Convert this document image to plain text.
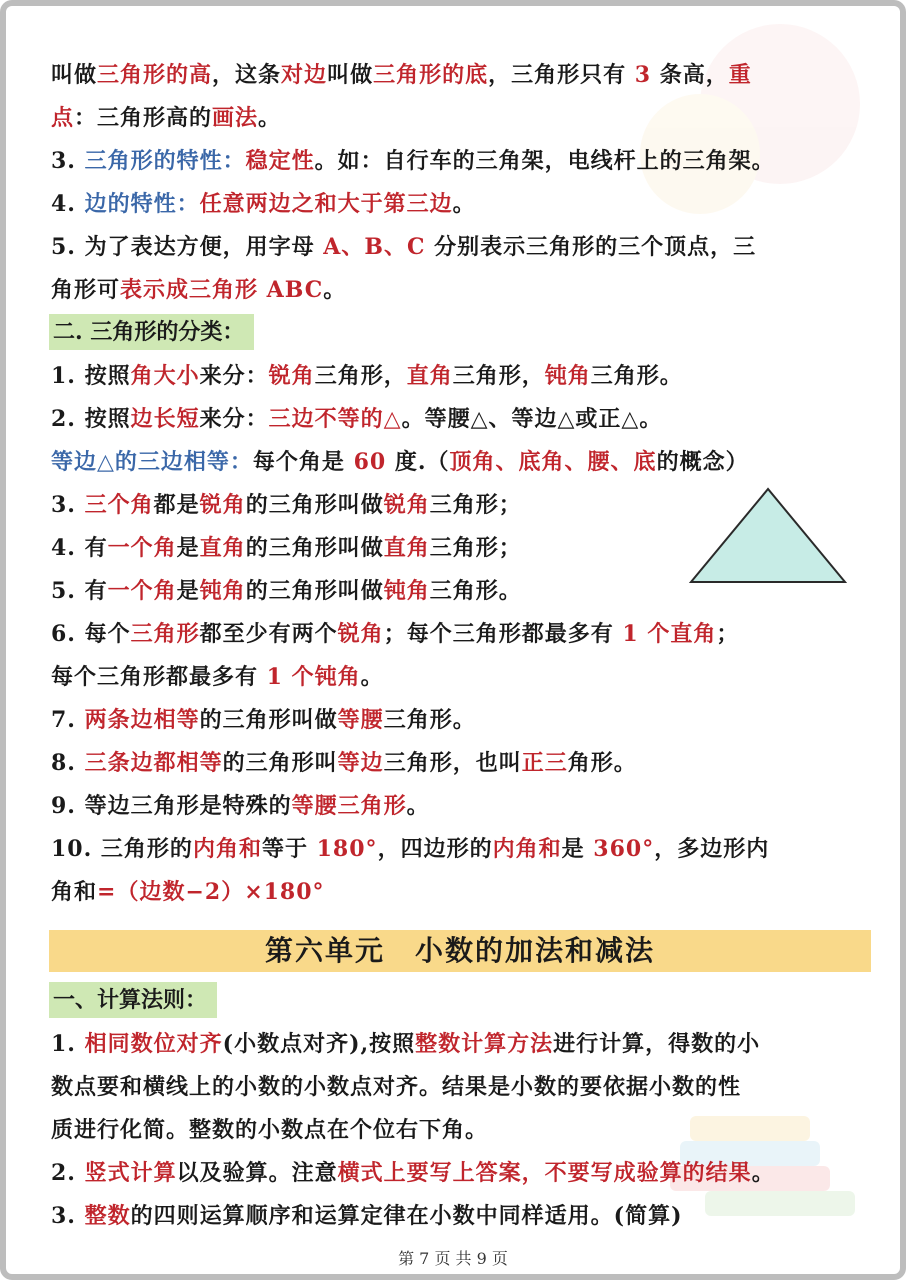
叫做三角形的高，这条对边叫做三角形的底，三角形只有 3 条高，重
点：三角形高的画法。
3. 三角形的特性：稳定性。如：自行车的三角架，电线杆上的三角架。
4. 边的特性：任意两边之和大于第三边。
5. 为了表达方便，用字母 A、B、C 分别表示三角形的三个顶点，三
角形可表示成三角形 ABC。
1. 按照角大小来分：锐角三角形，直角三角形，钝角三角形。
2. 按照边长短来分：三边不等的△。等腰△、等边△或正△。
等边△的三边相等：每个角是 60 度.（顶角、底角、腰、底的概念）
3. 三个角都是锐角的三角形叫做锐角三角形；
4. 有一个角是直角的三角形叫做直角三角形；
5. 有一个角是钝角的三角形叫做钝角三角形。
6. 每个三角形都至少有两个锐角；每个三角形都最多有 1 个直角；
每个三角形都最多有 1 个钝角。
7. 两条边相等的三角形叫做等腰三角形。
8. 三条边都相等的三角形叫等边三角形，也叫正三角形。
9. 等边三角形是特殊的等腰三角形。
10. 三角形的内角和等于 180°，四边形的内角和是 360°，多边形内
角和=（边数−2）×180°
1. 相同数位对齐(小数点对齐),按照整数计算方法进行计算，得数的小
数点要和横线上的小数的小数点对齐。结果是小数的要依据小数的性
质进行化简。整数的小数点在个位右下角。
2. 竖式计算以及验算。注意横式上要写上答案，不要写成验算的结果。
3. 整数的四则运算顺序和运算定律在小数中同样适用。(简算)
二. 三角形的分类：
第六单元　小数的加法和减法
一、计算法则：
第 7 页 共 9 页
